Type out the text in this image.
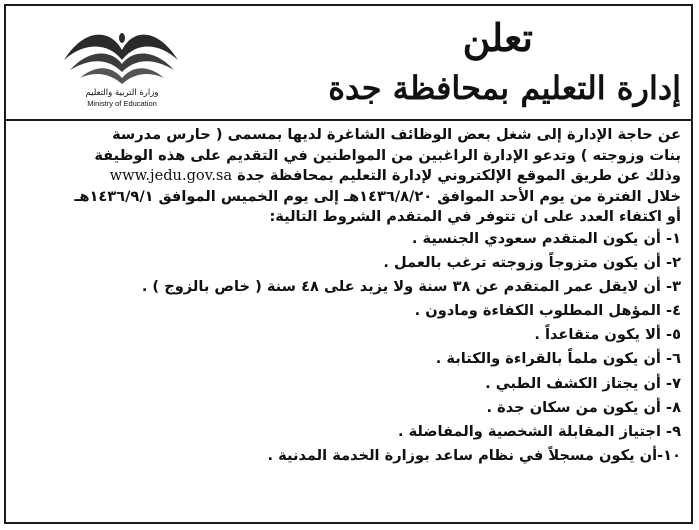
وزارة التربية والتعليم
Ministry of Education
تعلن
إدارة التعليم بمحافظة جدة
عن حاجة الإدارة إلى شغل بعض الوظائف الشاغرة لديها بمسمى ( حارس مدرسة
بنات وزوجته ) وتدعو الإدارة الراغبين من المواطنين في التقديم على هذه الوظيفة
وذلك عن طريق الموقع الإلكتروني لإدارة التعليم بمحافظة جدة www.jedu.gov.sa
خلال الفترة من يوم الأحد الموافق ١٤٣٦/٨/٢٠هـ إلى يوم الخميس الموافق ١٤٣٦/٩/١هـ
أو اكتفاء العدد على ان تتوفر في المتقدم الشروط التالية:
١- أن يكون المتقدم سعودي الجنسية .
٢- أن يكون متزوجاً وزوجته ترغب بالعمل .
٣- أن لايقل عمر المتقدم عن ٣٨ سنة ولا يزيد على ٤٨ سنة ( خاص بالزوج ) .
٤- المؤهل المطلوب الكفاءة ومادون .
٥- ألا يكون متقاعداً .
٦- أن يكون ملماً بالقراءة والكتابة .
٧- أن يجتاز الكشف الطبي .
٨- أن يكون من سكان جدة .
٩- اجتياز المقابلة الشخصية والمفاضلة .
١٠-أن يكون مسجلاً في نظام ساعد بوزارة الخدمة المدنية .
